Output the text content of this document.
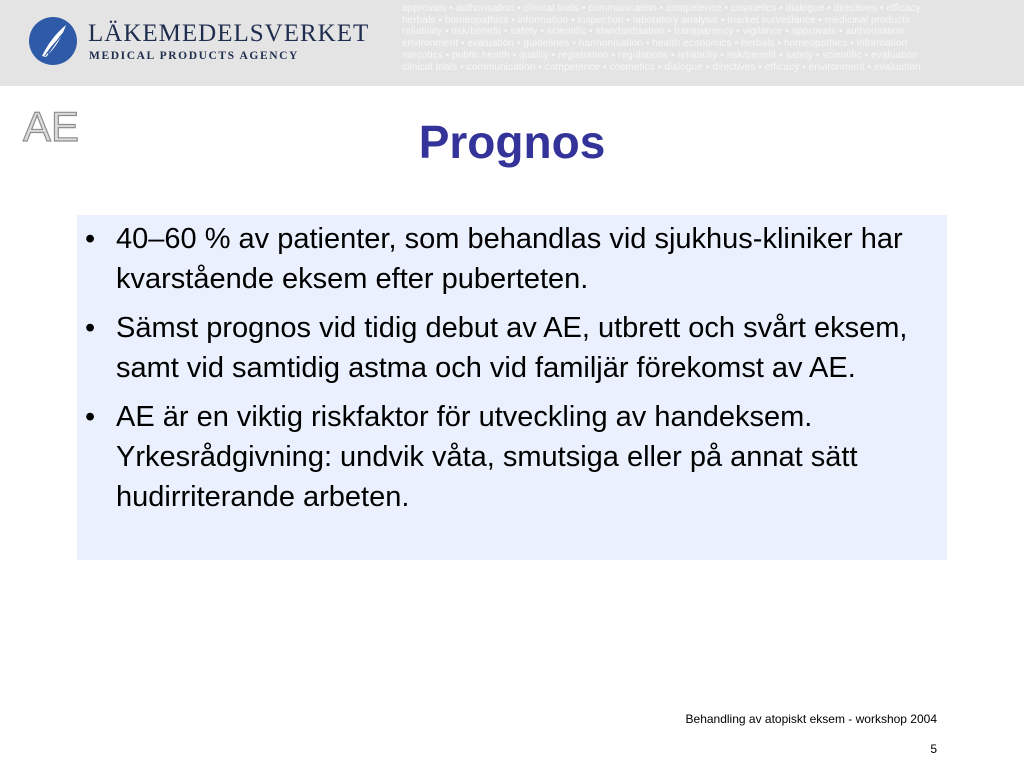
LÄKEMEDELSVERKET
MEDICAL PRODUCTS AGENCY
approvals • authorisation • clinical trials • communication • competence • cosmetics • dialogue • directives • efficacy
herbals • homeopathics • information • inspection • laboratory analysis • market surveillance • medicinal products
reliability • risk/benefit • safety • scientific • standardisation • transparency • vigilance • approvals • authorisation
environment • evaluation • guidelines • harmonisation • health economics • herbals • homeopathics • information
narcotics • public health • quality • registration • regulations • reliability • risk/benefit • safety • scientific • evaluation
clinical trials • communication • competence • cosmetics • dialogue • directives • efficacy • environment • evaluation
AE	Prognos
• 40–60 % av patienter, som behandlas vid sjukhus-kliniker har kvarstående eksem efter puberteten.
• Sämst prognos vid tidig debut av AE, utbrett och svårt eksem, samt vid samtidig astma och vid familjär förekomst av AE.
• AE är en viktig riskfaktor för utveckling av handeksem. Yrkesrådgivning: undvik våta, smutsiga eller på annat sätt hudirriterande arbeten.
Behandling av atopiskt eksem - workshop 2004
5
